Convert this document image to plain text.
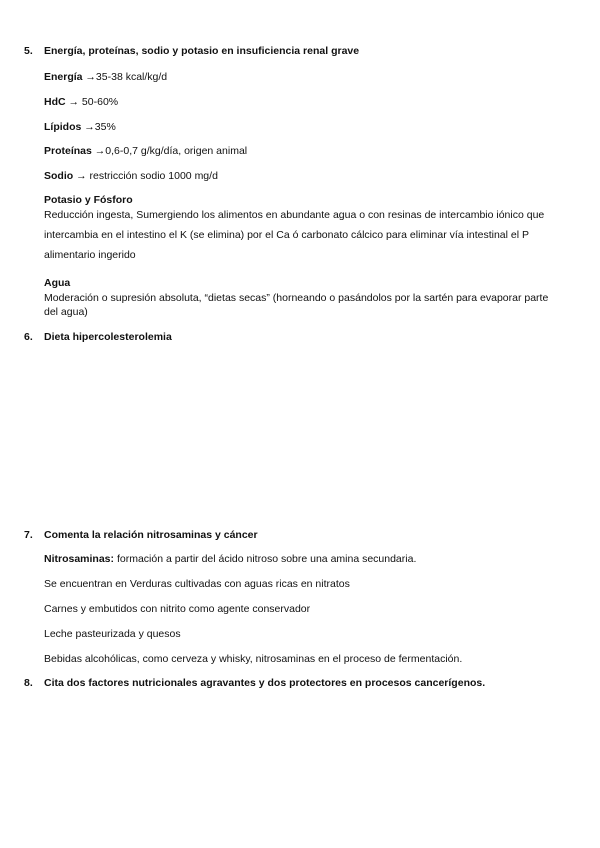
5. Energía, proteínas, sodio y potasio en insuficiencia renal grave
Energía →35-38 kcal/kg/d
HdC → 50-60%
Lípidos →35%
Proteínas →0,6-0,7 g/kg/día, origen animal
Sodio → restricción sodio 1000 mg/d
Potasio y Fósforo
Reducción ingesta, Sumergiendo los alimentos en abundante agua o con resinas de intercambio iónico que
intercambia en el intestino el K (se elimina) por el Ca ó carbonato cálcico para eliminar vía intestinal el P
alimentario ingerido
Agua
Moderación o supresión absoluta, “dietas secas” (horneando o pasándolos por la sartén para evaporar parte
del agua)
6. Dieta hipercolesterolemia
7. Comenta la relación nitrosaminas y cáncer
Nitrosaminas: formación a partir del ácido nitroso sobre una amina secundaria.
Se encuentran en Verduras cultivadas con aguas ricas en nitratos
Carnes y embutidos con nitrito como agente conservador
Leche pasteurizada y quesos
Bebidas alcohólicas, como cerveza y whisky, nitrosaminas en el proceso de fermentación.
8. Cita dos factores nutricionales agravantes y dos protectores en procesos cancerígenos.
